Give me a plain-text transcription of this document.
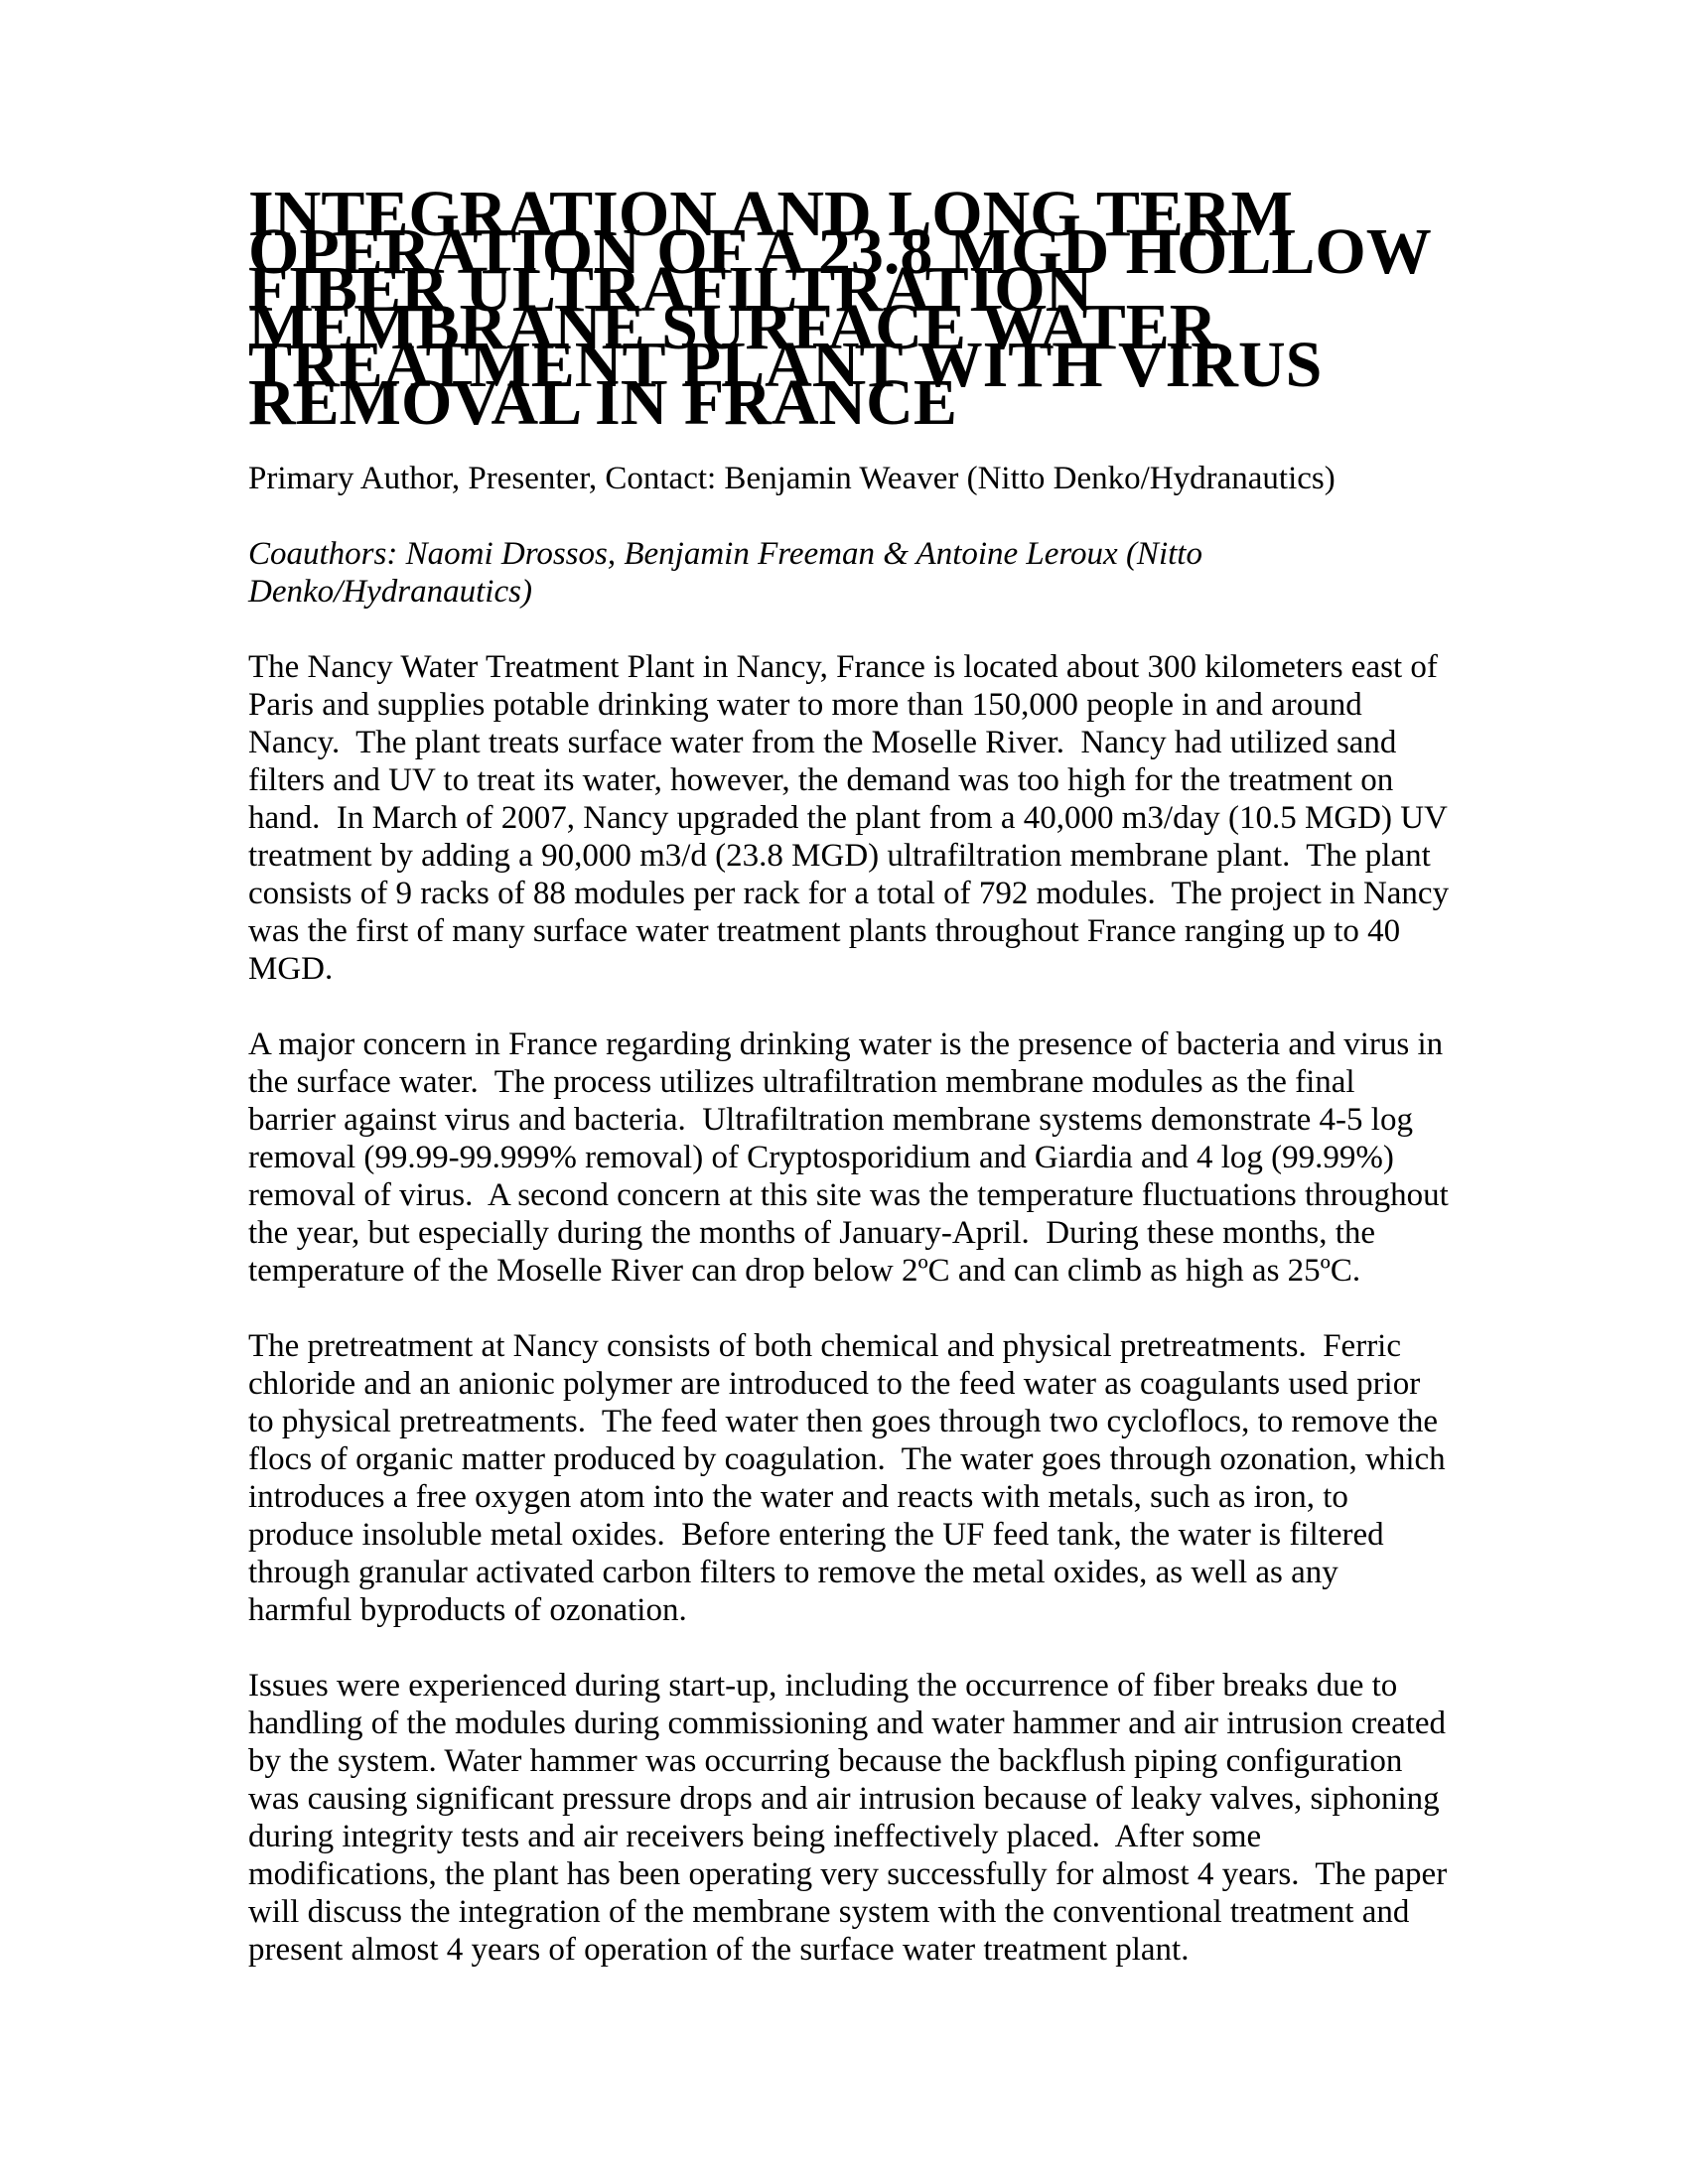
INTEGRATION AND LONG TERM OPERATION OF A 23.8 MGD HOLLOW FIBER ULTRAFILTRATION MEMBRANE SURFACE WATER TREATMENT PLANT WITH VIRUS REMOVAL IN FRANCE

Primary Author, Presenter, Contact: Benjamin Weaver (Nitto Denko/Hydranautics)

Coauthors: Naomi Drossos, Benjamin Freeman & Antoine Leroux (Nitto Denko/Hydranautics)

The Nancy Water Treatment Plant in Nancy, France is located about 300 kilometers east of Paris and supplies potable drinking water to more than 150,000 people in and around Nancy.  The plant treats surface water from the Moselle River.  Nancy had utilized sand filters and UV to treat its water, however, the demand was too high for the treatment on hand.  In March of 2007, Nancy upgraded the plant from a 40,000 m3/day (10.5 MGD) UV treatment by adding a 90,000 m3/d (23.8 MGD) ultrafiltration membrane plant.  The plant consists of 9 racks of 88 modules per rack for a total of 792 modules.  The project in Nancy was the first of many surface water treatment plants throughout France ranging up to 40 MGD.

A major concern in France regarding drinking water is the presence of bacteria and virus in the surface water.  The process utilizes ultrafiltration membrane modules as the final barrier against virus and bacteria.  Ultrafiltration membrane systems demonstrate 4-5 log removal (99.99-99.999% removal) of Cryptosporidium and Giardia and 4 log (99.99%) removal of virus.  A second concern at this site was the temperature fluctuations throughout the year, but especially during the months of January-April.  During these months, the temperature of the Moselle River can drop below 2ºC and can climb as high as 25ºC.

The pretreatment at Nancy consists of both chemical and physical pretreatments.  Ferric chloride and an anionic polymer are introduced to the feed water as coagulants used prior to physical pretreatments.  The feed water then goes through two cycloflocs, to remove the flocs of organic matter produced by coagulation.  The water goes through ozonation, which introduces a free oxygen atom into the water and reacts with metals, such as iron, to produce insoluble metal oxides.  Before entering the UF feed tank, the water is filtered through granular activated carbon filters to remove the metal oxides, as well as any harmful byproducts of ozonation.

Issues were experienced during start-up, including the occurrence of fiber breaks due to handling of the modules during commissioning and water hammer and air intrusion created by the system. Water hammer was occurring because the backflush piping configuration was causing significant pressure drops and air intrusion because of leaky valves, siphoning during integrity tests and air receivers being ineffectively placed.  After some modifications, the plant has been operating very successfully for almost 4 years.  The paper will discuss the integration of the membrane system with the conventional treatment and present almost 4 years of operation of the surface water treatment plant.
